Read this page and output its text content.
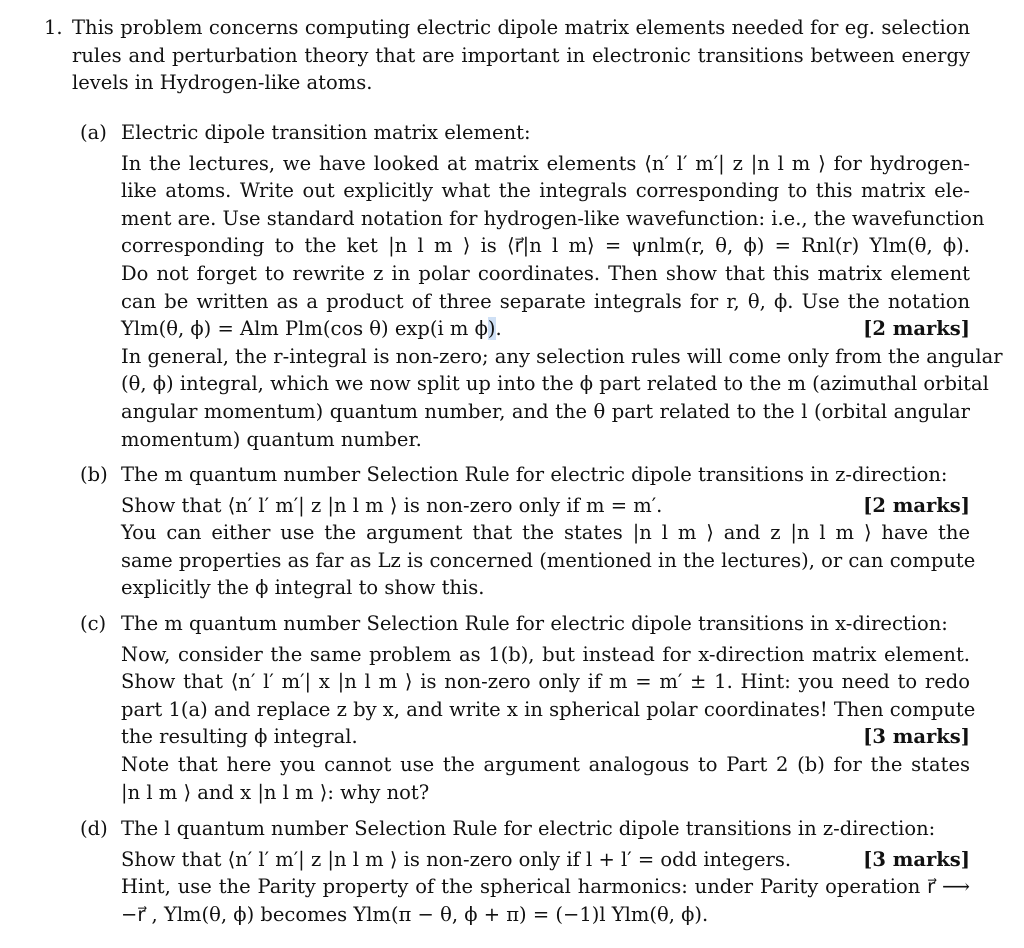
1. This problem concerns computing electric dipole matrix elements needed for eg. selection
rules and perturbation theory that are important in electronic transitions between energy
levels in Hydrogen-like atoms.
(a) Electric dipole transition matrix element:
In the lectures, we have looked at matrix elements ⟨n′ l′ m′| z |n l m ⟩ for hydrogen-
like atoms. Write out explicitly what the integrals corresponding to this matrix ele-
ment are. Use standard notation for hydrogen-like wavefunction: i.e., the wavefunction
corresponding to the ket |n l m ⟩ is ⟨r⃗|n l m⟩ = ψnlm(r, θ, ϕ) = Rnl(r) Ylm(θ, ϕ).
Do not forget to rewrite z in polar coordinates. Then show that this matrix element
can be written as a product of three separate integrals for r, θ, ϕ. Use the notation
Ylm(θ, ϕ) = Alm Plm(cos θ) exp(i m ϕ).	[2 marks]
In general, the r-integral is non-zero; any selection rules will come only from the angular
(θ, ϕ) integral, which we now split up into the ϕ part related to the m (azimuthal orbital
angular momentum) quantum number, and the θ part related to the l (orbital angular
momentum) quantum number.
(b) The m quantum number Selection Rule for electric dipole transitions in z-direction:
Show that ⟨n′ l′ m′| z |n l m ⟩ is non-zero only if m = m′.	[2 marks]
You can either use the argument that the states |n l m ⟩ and z |n l m ⟩ have the
same properties as far as Lz is concerned (mentioned in the lectures), or can compute
explicitly the ϕ integral to show this.
(c) The m quantum number Selection Rule for electric dipole transitions in x-direction:
Now, consider the same problem as 1(b), but instead for x-direction matrix element.
Show that ⟨n′ l′ m′| x |n l m ⟩ is non-zero only if m = m′ ± 1. Hint: you need to redo
part 1(a) and replace z by x, and write x in spherical polar coordinates! Then compute
the resulting ϕ integral.	[3 marks]
Note that here you cannot use the argument analogous to Part 2 (b) for the states
|n l m ⟩ and x |n l m ⟩: why not?
(d) The l quantum number Selection Rule for electric dipole transitions in z-direction:
Show that ⟨n′ l′ m′| z |n l m ⟩ is non-zero only if l + l′ = odd integers.	[3 marks]
Hint, use the Parity property of the spherical harmonics: under Parity operation r⃗ ⟶
−r⃗ , Ylm(θ, ϕ) becomes Ylm(π − θ, ϕ + π) = (−1)l Ylm(θ, ϕ).
